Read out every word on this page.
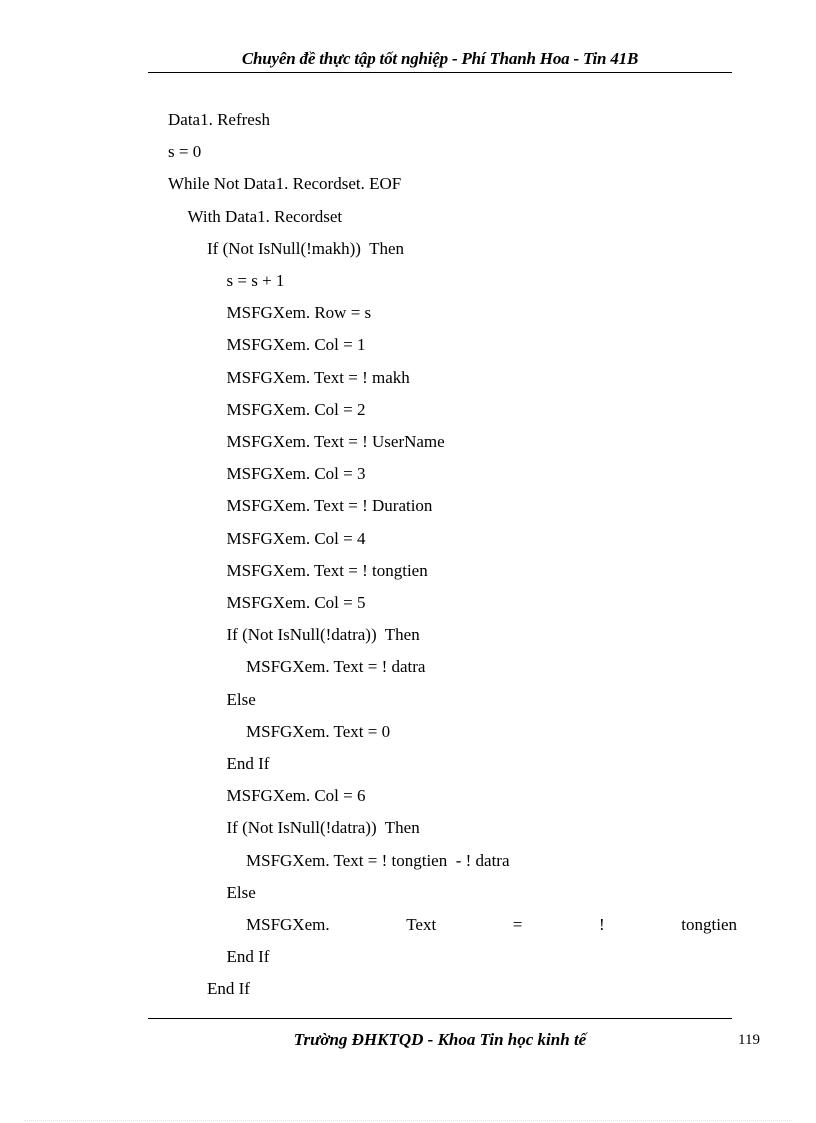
Chuyên đề thực tập tốt nghiệp - Phí Thanh Hoa - Tin 41B
Data1. Refresh
s = 0
While Not Data1. Recordset. EOF
With Data1. Recordset
If (Not IsNull(!makh))  Then
s = s + 1
MSFGXem. Row = s
MSFGXem. Col = 1
MSFGXem. Text = ! makh
MSFGXem. Col = 2
MSFGXem. Text = ! UserName
MSFGXem. Col = 3
MSFGXem. Text = ! Duration
MSFGXem. Col = 4
MSFGXem. Text = ! tongtien
MSFGXem. Col = 5
If (Not IsNull(!datra))  Then
MSFGXem. Text = ! datra
Else
MSFGXem. Text = 0
End If
MSFGXem. Col = 6
If (Not IsNull(!datra))  Then
MSFGXem. Text = ! tongtien  - ! datra
Else
MSFGXem.	Text	=	!	tongtien
End If
End If
Trường ĐHKTQD - Khoa Tin học kinh tế	119
